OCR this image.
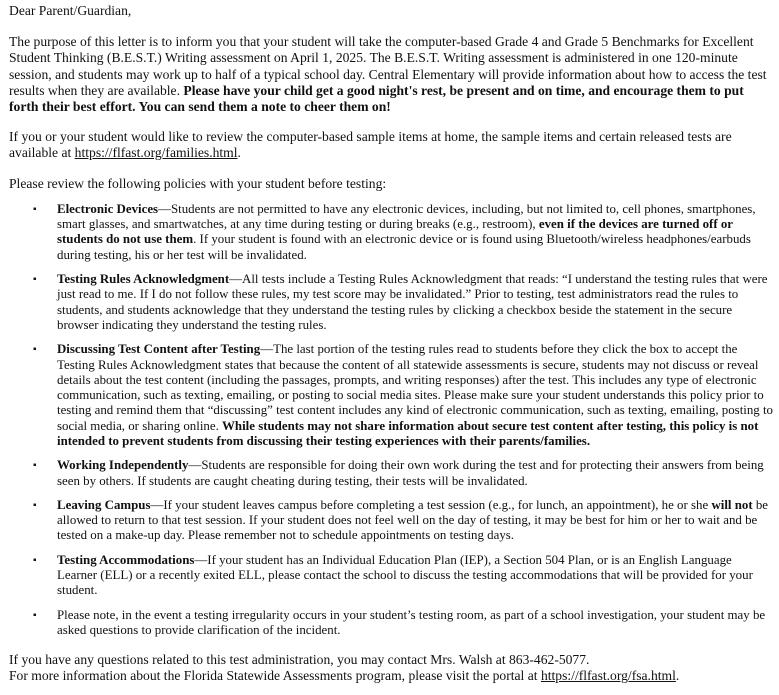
Dear Parent/Guardian,

The purpose of this letter is to inform you that your student will take the computer-based Grade 4 and Grade 5 Benchmarks for Excellent Student Thinking (B.E.S.T.) Writing assessment on April 1, 2025. The B.E.S.T. Writing assessment is administered in one 120-minute session, and students may work up to half of a typical school day. Central Elementary will provide information about how to access the test results when they are available. Please have your child get a good night's rest, be present and on time, and encourage them to put forth their best effort. You can send them a note to cheer them on!

If you or your student would like to review the computer-based sample items at home, the sample items and certain released tests are available at https://flfast.org/families.html.

Please review the following policies with your student before testing:

▪ Electronic Devices—Students are not permitted to have any electronic devices, including, but not limited to, cell phones, smartphones, smart glasses, and smartwatches, at any time during testing or during breaks (e.g., restroom), even if the devices are turned off or students do not use them. If your student is found with an electronic device or is found using Bluetooth/wireless headphones/earbuds during testing, his or her test will be invalidated.
▪ Testing Rules Acknowledgment—All tests include a Testing Rules Acknowledgment that reads: “I understand the testing rules that were just read to me. If I do not follow these rules, my test score may be invalidated.” Prior to testing, test administrators read the rules to students, and students acknowledge that they understand the testing rules by clicking a checkbox beside the statement in the secure browser indicating they understand the testing rules.
▪ Discussing Test Content after Testing—The last portion of the testing rules read to students before they click the box to accept the Testing Rules Acknowledgment states that because the content of all statewide assessments is secure, students may not discuss or reveal details about the test content (including the passages, prompts, and writing responses) after the test. This includes any type of electronic communication, such as texting, emailing, or posting to social media sites. Please make sure your student understands this policy prior to testing and remind them that “discussing” test content includes any kind of electronic communication, such as texting, emailing, posting to social media, or sharing online. While students may not share information about secure test content after testing, this policy is not intended to prevent students from discussing their testing experiences with their parents/families.
▪ Working Independently—Students are responsible for doing their own work during the test and for protecting their answers from being seen by others. If students are caught cheating during testing, their tests will be invalidated.
▪ Leaving Campus—If your student leaves campus before completing a test session (e.g., for lunch, an appointment), he or she will not be allowed to return to that test session. If your student does not feel well on the day of testing, it may be best for him or her to wait and be tested on a make-up day. Please remember not to schedule appointments on testing days.
▪ Testing Accommodations—If your student has an Individual Education Plan (IEP), a Section 504 Plan, or is an English Language Learner (ELL) or a recently exited ELL, please contact the school to discuss the testing accommodations that will be provided for your student.
▪ Please note, in the event a testing irregularity occurs in your student’s testing room, as part of a school investigation, your student may be asked questions to provide clarification of the incident.

If you have any questions related to this test administration, you may contact Mrs. Walsh at 863-462-5077.

For more information about the Florida Statewide Assessments program, please visit the portal at https://flfast.org/fsa.html.
